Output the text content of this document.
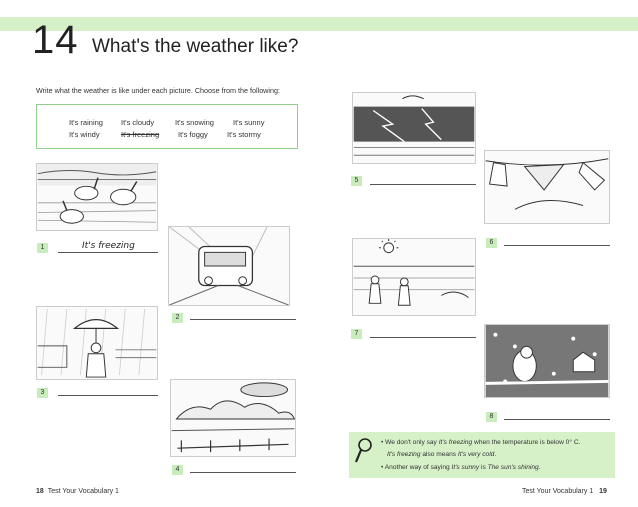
14 What's the weather like?
Write what the weather is like under each picture. Choose from the following:
It's raining It's cloudy	It's snowing	It's sunny
It's windy	It's freezing	It's foggy	It's stormy
1	It's freezing
2
3
4
5
6
7
8
• We don't only say It's freezing when the temperature is below 0° C.
It's freezing also means It's very cold.
• Another way of saying It's sunny is The sun's shining.
18 Test Your Vocabulary 1	Test Your Vocabulary 1 19
